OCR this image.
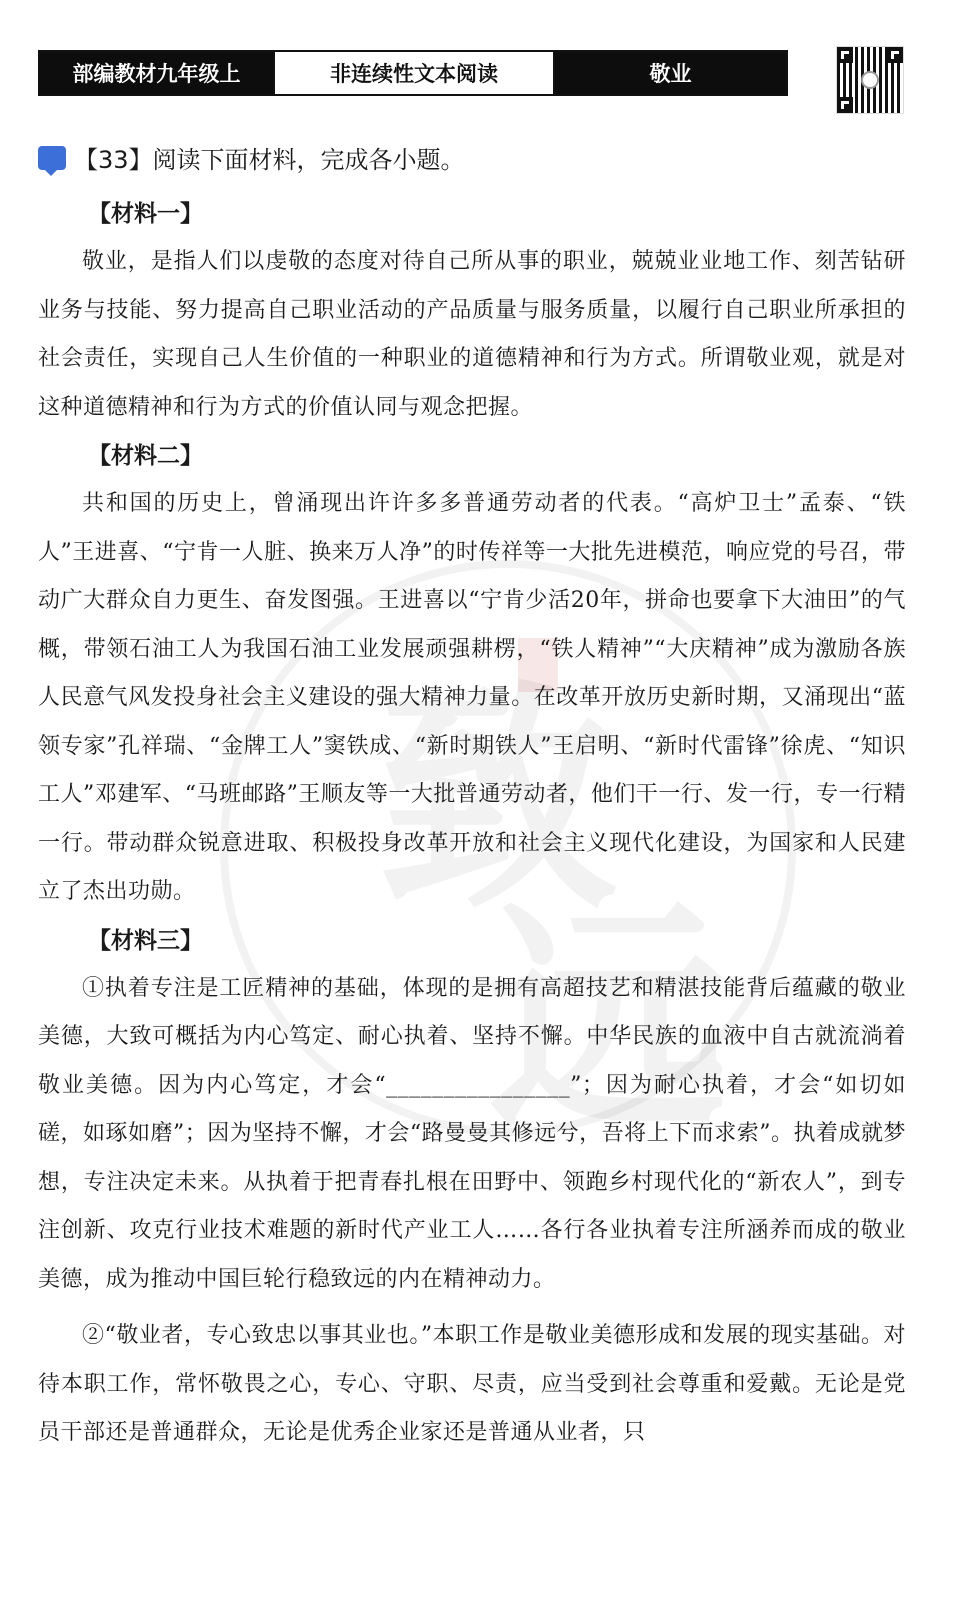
部编教材九年级上	非连续性文本阅读	敬业
致
远
【33】阅读下面材料，完成各小题。
【材料一】

敬业，是指人们以虔敬的态度对待自己所从事的职业，兢兢业业地工作、刻苦钻研业务与技能、努力提高自己职业活动的产品质量与服务质量，以履行自己职业所承担的社会责任，实现自己人生价值的一种职业的道德精神和行为方式。所谓敬业观，就是对这种道德精神和行为方式的价值认同与观念把握。

【材料二】

共和国的历史上，曾涌现出许许多多普通劳动者的代表。“高炉卫士”孟泰、“铁人”王进喜、“宁肯一人脏、换来万人净”的时传祥等一大批先进模范，响应党的号召，带动广大群众自力更生、奋发图强。王进喜以“宁肯少活20年，拼命也要拿下大油田”的气概，带领石油工人为我国石油工业发展顽强耕楞，“铁人精神”“大庆精神”成为激励各族人民意气风发投身社会主义建设的强大精神力量。在改革开放历史新时期，又涌现出“蓝领专家”孔祥瑞、“金牌工人”窦铁成、“新时期铁人”王启明、“新时代雷锋”徐虎、“知识工人”邓建军、“马班邮路”王顺友等一大批普通劳动者，他们干一行、发一行，专一行精一行。带动群众锐意进取、积极投身改革开放和社会主义现代化建设，为国家和人民建立了杰出功勋。

【材料三】

①执着专注是工匠精神的基础，体现的是拥有高超技艺和精湛技能背后蕴藏的敬业美德，大致可概括为内心笃定、耐心执着、坚持不懈。中华民族的血液中自古就流淌着敬业美德。因为内心笃定，才会“________________”；因为耐心执着，才会“如切如磋，如琢如磨”；因为坚持不懈，才会“路曼曼其修远兮，吾将上下而求索”。执着成就梦想，专注决定未来。从执着于把青春扎根在田野中、领跑乡村现代化的“新农人”，到专注创新、攻克行业技术难题的新时代产业工人……各行各业执着专注所涵养而成的敬业美德，成为推动中国巨轮行稳致远的内在精神动力。

②“敬业者，专心致忠以事其业也。”本职工作是敬业美德形成和发展的现实基础。对待本职工作，常怀敬畏之心，专心、守职、尽责，应当受到社会尊重和爱戴。无论是党员干部还是普通群众，无论是优秀企业家还是普通从业者，只
